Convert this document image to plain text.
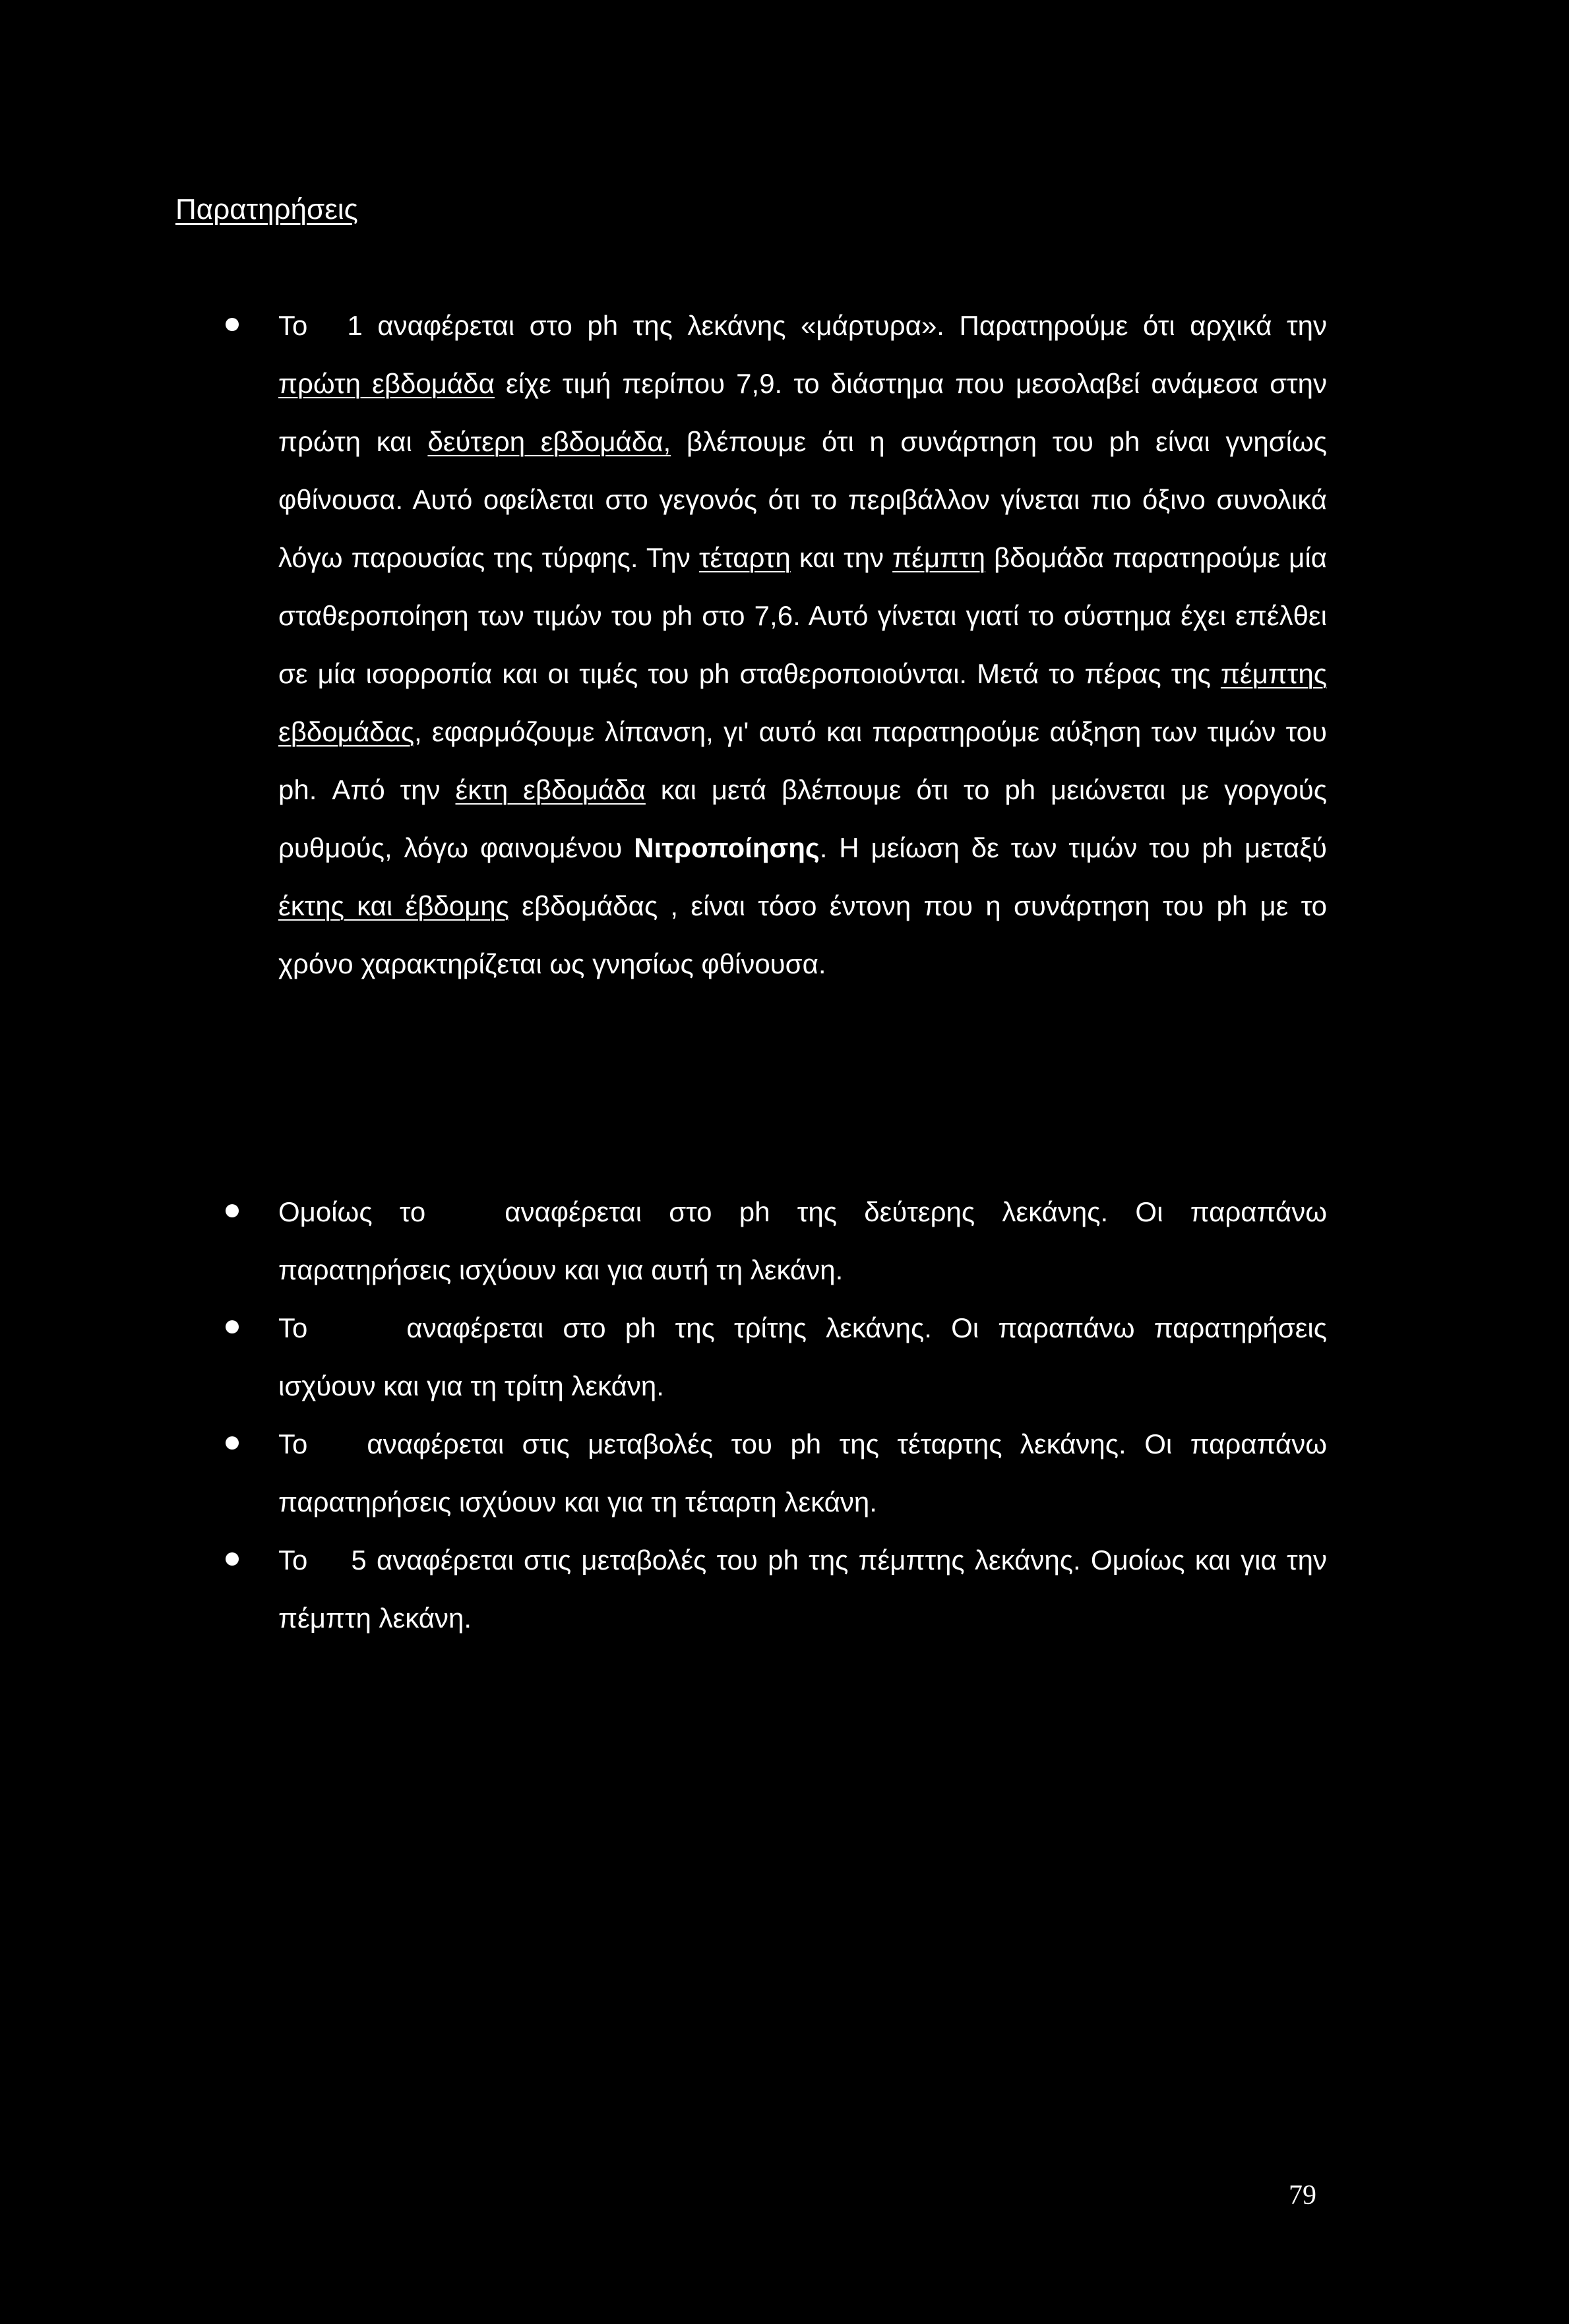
Παρατηρήσεις

Το 1 αναφέρεται στο ph της λεκάνης «μάρτυρα». Παρατηρούμε ότι αρχικά την πρώτη εβδομάδα είχε τιμή περίπου 7,9. το διάστημα που μεσολαβεί ανάμεσα στην πρώτη και δεύτερη εβδομάδα, βλέπουμε ότι η συνάρτηση του ph είναι γνησίως φθίνουσα. Αυτό οφείλεται στο γεγονός ότι το περιβάλλον γίνεται πιο όξινο συνολικά λόγω παρουσίας της τύρφης. Την τέταρτη και την πέμπτη βδομάδα παρατηρούμε μία σταθεροποίηση των τιμών του ph στο 7,6. Αυτό γίνεται γιατί το σύστημα έχει επέλθει σε μία ισορροπία και οι τιμές του ph σταθεροποιούνται. Μετά το πέρας της πέμπτης εβδομάδας, εφαρμόζουμε λίπανση, γι' αυτό και παρατηρούμε αύξηση των τιμών του ph. Από την έκτη εβδομάδα και μετά βλέπουμε ότι το ph μειώνεται με γοργούς ρυθμούς, λόγω φαινομένου Νιτροποίησης. Η μείωση δε των τιμών του ph μεταξύ έκτης και έβδομης εβδομάδας , είναι τόσο έντονη που η συνάρτηση του ph με το χρόνο χαρακτηρίζεται ως γνησίως φθίνουσα.

Ομοίως το	αναφέρεται στο ph της δεύτερης λεκάνης. Οι παραπάνω παρατηρήσεις ισχύουν και για αυτή τη λεκάνη.

Το	αναφέρεται στο ph της τρίτης λεκάνης. Οι παραπάνω παρατηρήσεις ισχύουν και για τη τρίτη λεκάνη.

Το αναφέρεται στις μεταβολές του ph της τέταρτης λεκάνης. Οι παραπάνω παρατηρήσεις ισχύουν και για τη τέταρτη λεκάνη.

Το 5 αναφέρεται στις μεταβολές του ph της πέμπτης λεκάνης. Ομοίως και για την πέμπτη λεκάνη.

79
